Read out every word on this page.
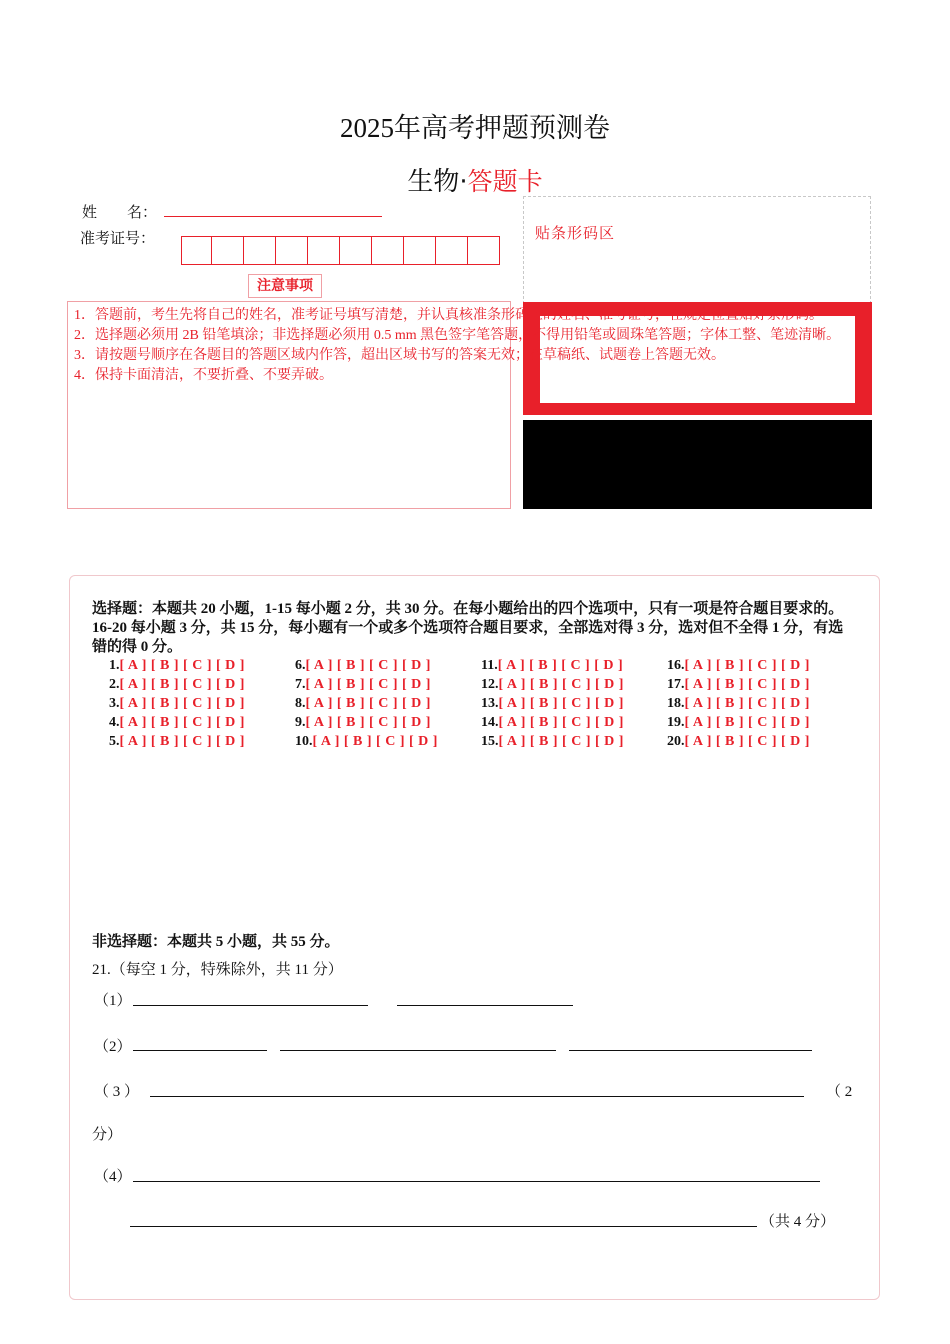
2025年高考押题预测卷
生物·答题卡
姓　　名：
准考证号：
注意事项
贴条形码区
1．答题前，考生先将自己的姓名，准考证号填写清楚，并认真核准条形码上的姓名、准考证号，在规定位置贴好条形码。
2．选择题必须用 2B 铅笔填涂；非选择题必须用 0.5 mm 黑色签字笔答题，不得用铅笔或圆珠笔答题；字体工整、笔迹清晰。
3．请按题号顺序在各题目的答题区域内作答，超出区域书写的答案无效；在草稿纸、试题卷上答题无效。
4．保持卡面清洁，不要折叠、不要弄破。
选择题：本题共 20 小题，1-15 每小题 2 分，共 30 分。在每小题给出的四个选项中，只有一项是符合题目要求的。16-20 每小题 3 分，共 15 分，每小题有一个或多个选项符合题目要求，全部选对得 3 分，选对但不全得 1 分，有选错的得 0 分。
1.[ A ] [ B ] [ C ] [ D ]
2.[ A ] [ B ] [ C ] [ D ]
3.[ A ] [ B ] [ C ] [ D ]
4.[ A ] [ B ] [ C ] [ D ]
5.[ A ] [ B ] [ C ] [ D ]
6.[ A ] [ B ] [ C ] [ D ]
7.[ A ] [ B ] [ C ] [ D ]
8.[ A ] [ B ] [ C ] [ D ]
9.[ A ] [ B ] [ C ] [ D ]
10.[ A ] [ B ] [ C ] [ D ]
11.[ A ] [ B ] [ C ] [ D ]
12.[ A ] [ B ] [ C ] [ D ]
13.[ A ] [ B ] [ C ] [ D ]
14.[ A ] [ B ] [ C ] [ D ]
15.[ A ] [ B ] [ C ] [ D ]
16.[ A ] [ B ] [ C ] [ D ]
17.[ A ] [ B ] [ C ] [ D ]
18.[ A ] [ B ] [ C ] [ D ]
19.[ A ] [ B ] [ C ] [ D ]
20.[ A ] [ B ] [ C ] [ D ]
非选择题：本题共 5 小题，共 55 分。
21.（每空 1 分，特殊除外，共 11 分）
（1）
（2）
（ 3 ）	（ 2
分）
（4）
（共 4 分）
